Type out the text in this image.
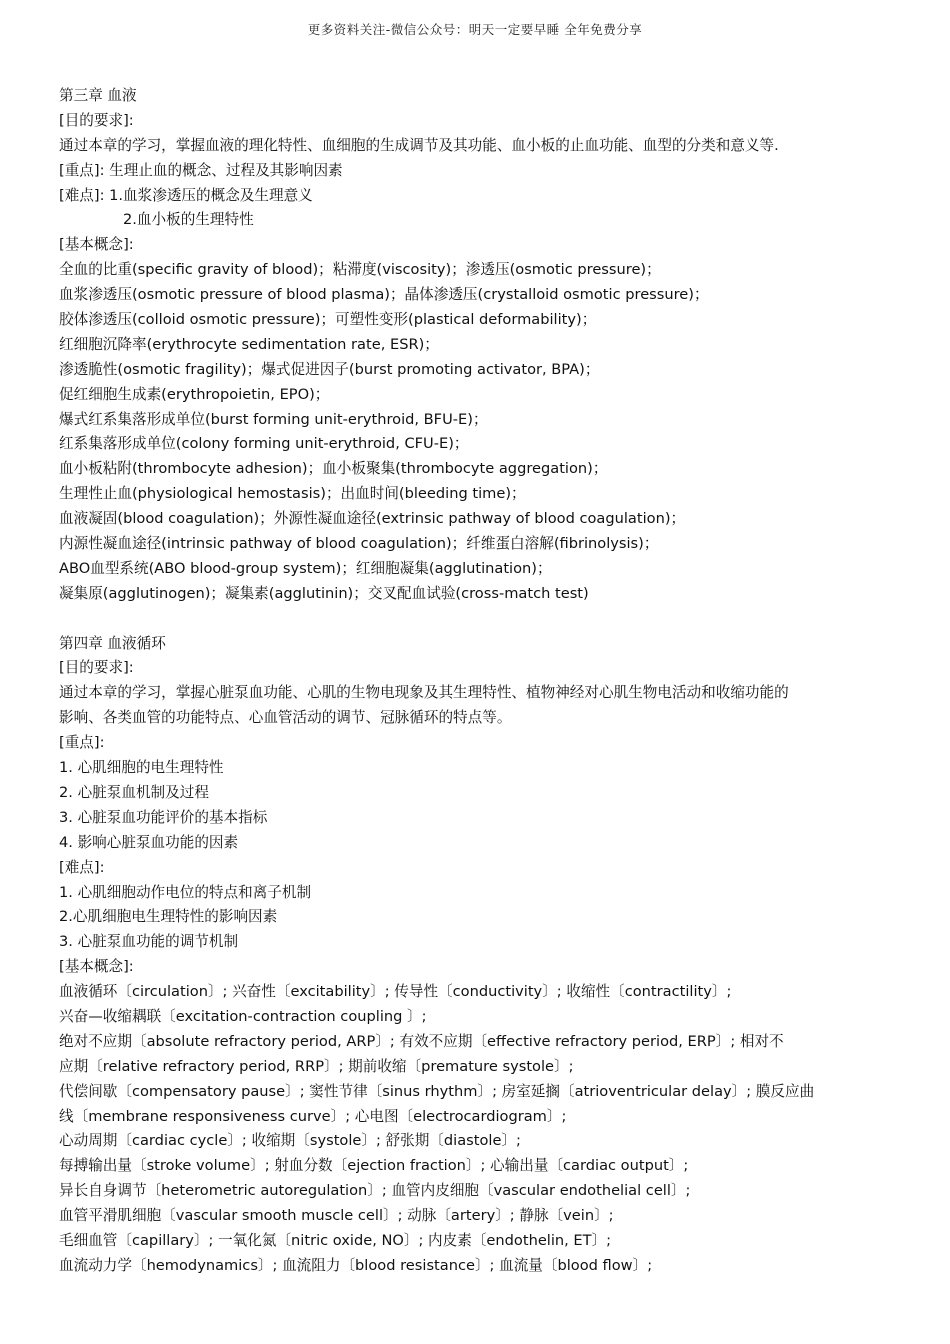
更多资料关注-微信公众号：明天一定要早睡 全年免费分享
第三章 血液
[目的要求]:
通过本章的学习，掌握血液的理化特性、血细胞的生成调节及其功能、血小板的止血功能、血型的分类和意义等.
[重点]: 生理止血的概念、过程及其影响因素
[难点]: 1.血浆渗透压的概念及生理意义
2.血小板的生理特性
[基本概念]:
全血的比重(specific gravity of blood)；粘滞度(viscosity)；渗透压(osmotic pressure)；
血浆渗透压(osmotic pressure of blood plasma)；晶体渗透压(crystalloid osmotic pressure)；
胶体渗透压(colloid osmotic pressure)；可塑性变形(plastical deformability)；
红细胞沉降率(erythrocyte sedimentation rate, ESR)；
渗透脆性(osmotic fragility)；爆式促进因子(burst promoting activator, BPA)；
促红细胞生成素(erythropoietin, EPO)；
爆式红系集落形成单位(burst forming unit-erythroid, BFU-E)；
红系集落形成单位(colony forming unit-erythroid, CFU-E)；
血小板粘附(thrombocyte adhesion)；血小板聚集(thrombocyte aggregation)；
生理性止血(physiological hemostasis)；出血时间(bleeding time)；
血液凝固(blood coagulation)；外源性凝血途径(extrinsic pathway of blood coagulation)；
内源性凝血途径(intrinsic pathway of blood coagulation)；纤维蛋白溶解(fibrinolysis)；
ABO血型系统(ABO blood-group system)；红细胞凝集(agglutination)；
凝集原(agglutinogen)；凝集素(agglutinin)；交叉配血试验(cross-match test)
第四章 血液循环
[目的要求]:
通过本章的学习，掌握心脏泵血功能、心肌的生物电现象及其生理特性、植物神经对心肌生物电活动和收缩功能的
影响、各类血管的功能特点、心血管活动的调节、冠脉循环的特点等。
[重点]:
1. 心肌细胞的电生理特性
2. 心脏泵血机制及过程
3. 心脏泵血功能评价的基本指标
4. 影响心脏泵血功能的因素
[难点]:
1. 心肌细胞动作电位的特点和离子机制
2.心肌细胞电生理特性的影响因素
3. 心脏泵血功能的调节机制
[基本概念]:
血液循环〔circulation〕; 兴奋性〔excitability〕; 传导性〔conductivity〕; 收缩性〔contractility〕;
兴奋—收缩耦联〔excitation-contraction coupling 〕;
绝对不应期〔absolute refractory period, ARP〕; 有效不应期〔effective refractory period, ERP〕; 相对不
应期〔relative refractory period, RRP〕; 期前收缩〔premature systole〕;
代偿间歇〔compensatory pause〕; 窦性节律〔sinus rhythm〕; 房室延搁〔atrioventricular delay〕; 膜反应曲
线〔membrane responsiveness curve〕; 心电图〔electrocardiogram〕;
心动周期〔cardiac cycle〕; 收缩期〔systole〕; 舒张期〔diastole〕;
每搏输出量〔stroke volume〕; 射血分数〔ejection fraction〕; 心输出量〔cardiac output〕;
异长自身调节〔heterometric autoregulation〕; 血管内皮细胞〔vascular endothelial cell〕;
血管平滑肌细胞〔vascular smooth muscle cell〕; 动脉〔artery〕; 静脉〔vein〕;
毛细血管〔capillary〕; 一氧化氮〔nitric oxide, NO〕; 内皮素〔endothelin, ET〕;
血流动力学〔hemodynamics〕; 血流阻力〔blood resistance〕; 血流量〔blood flow〕;
